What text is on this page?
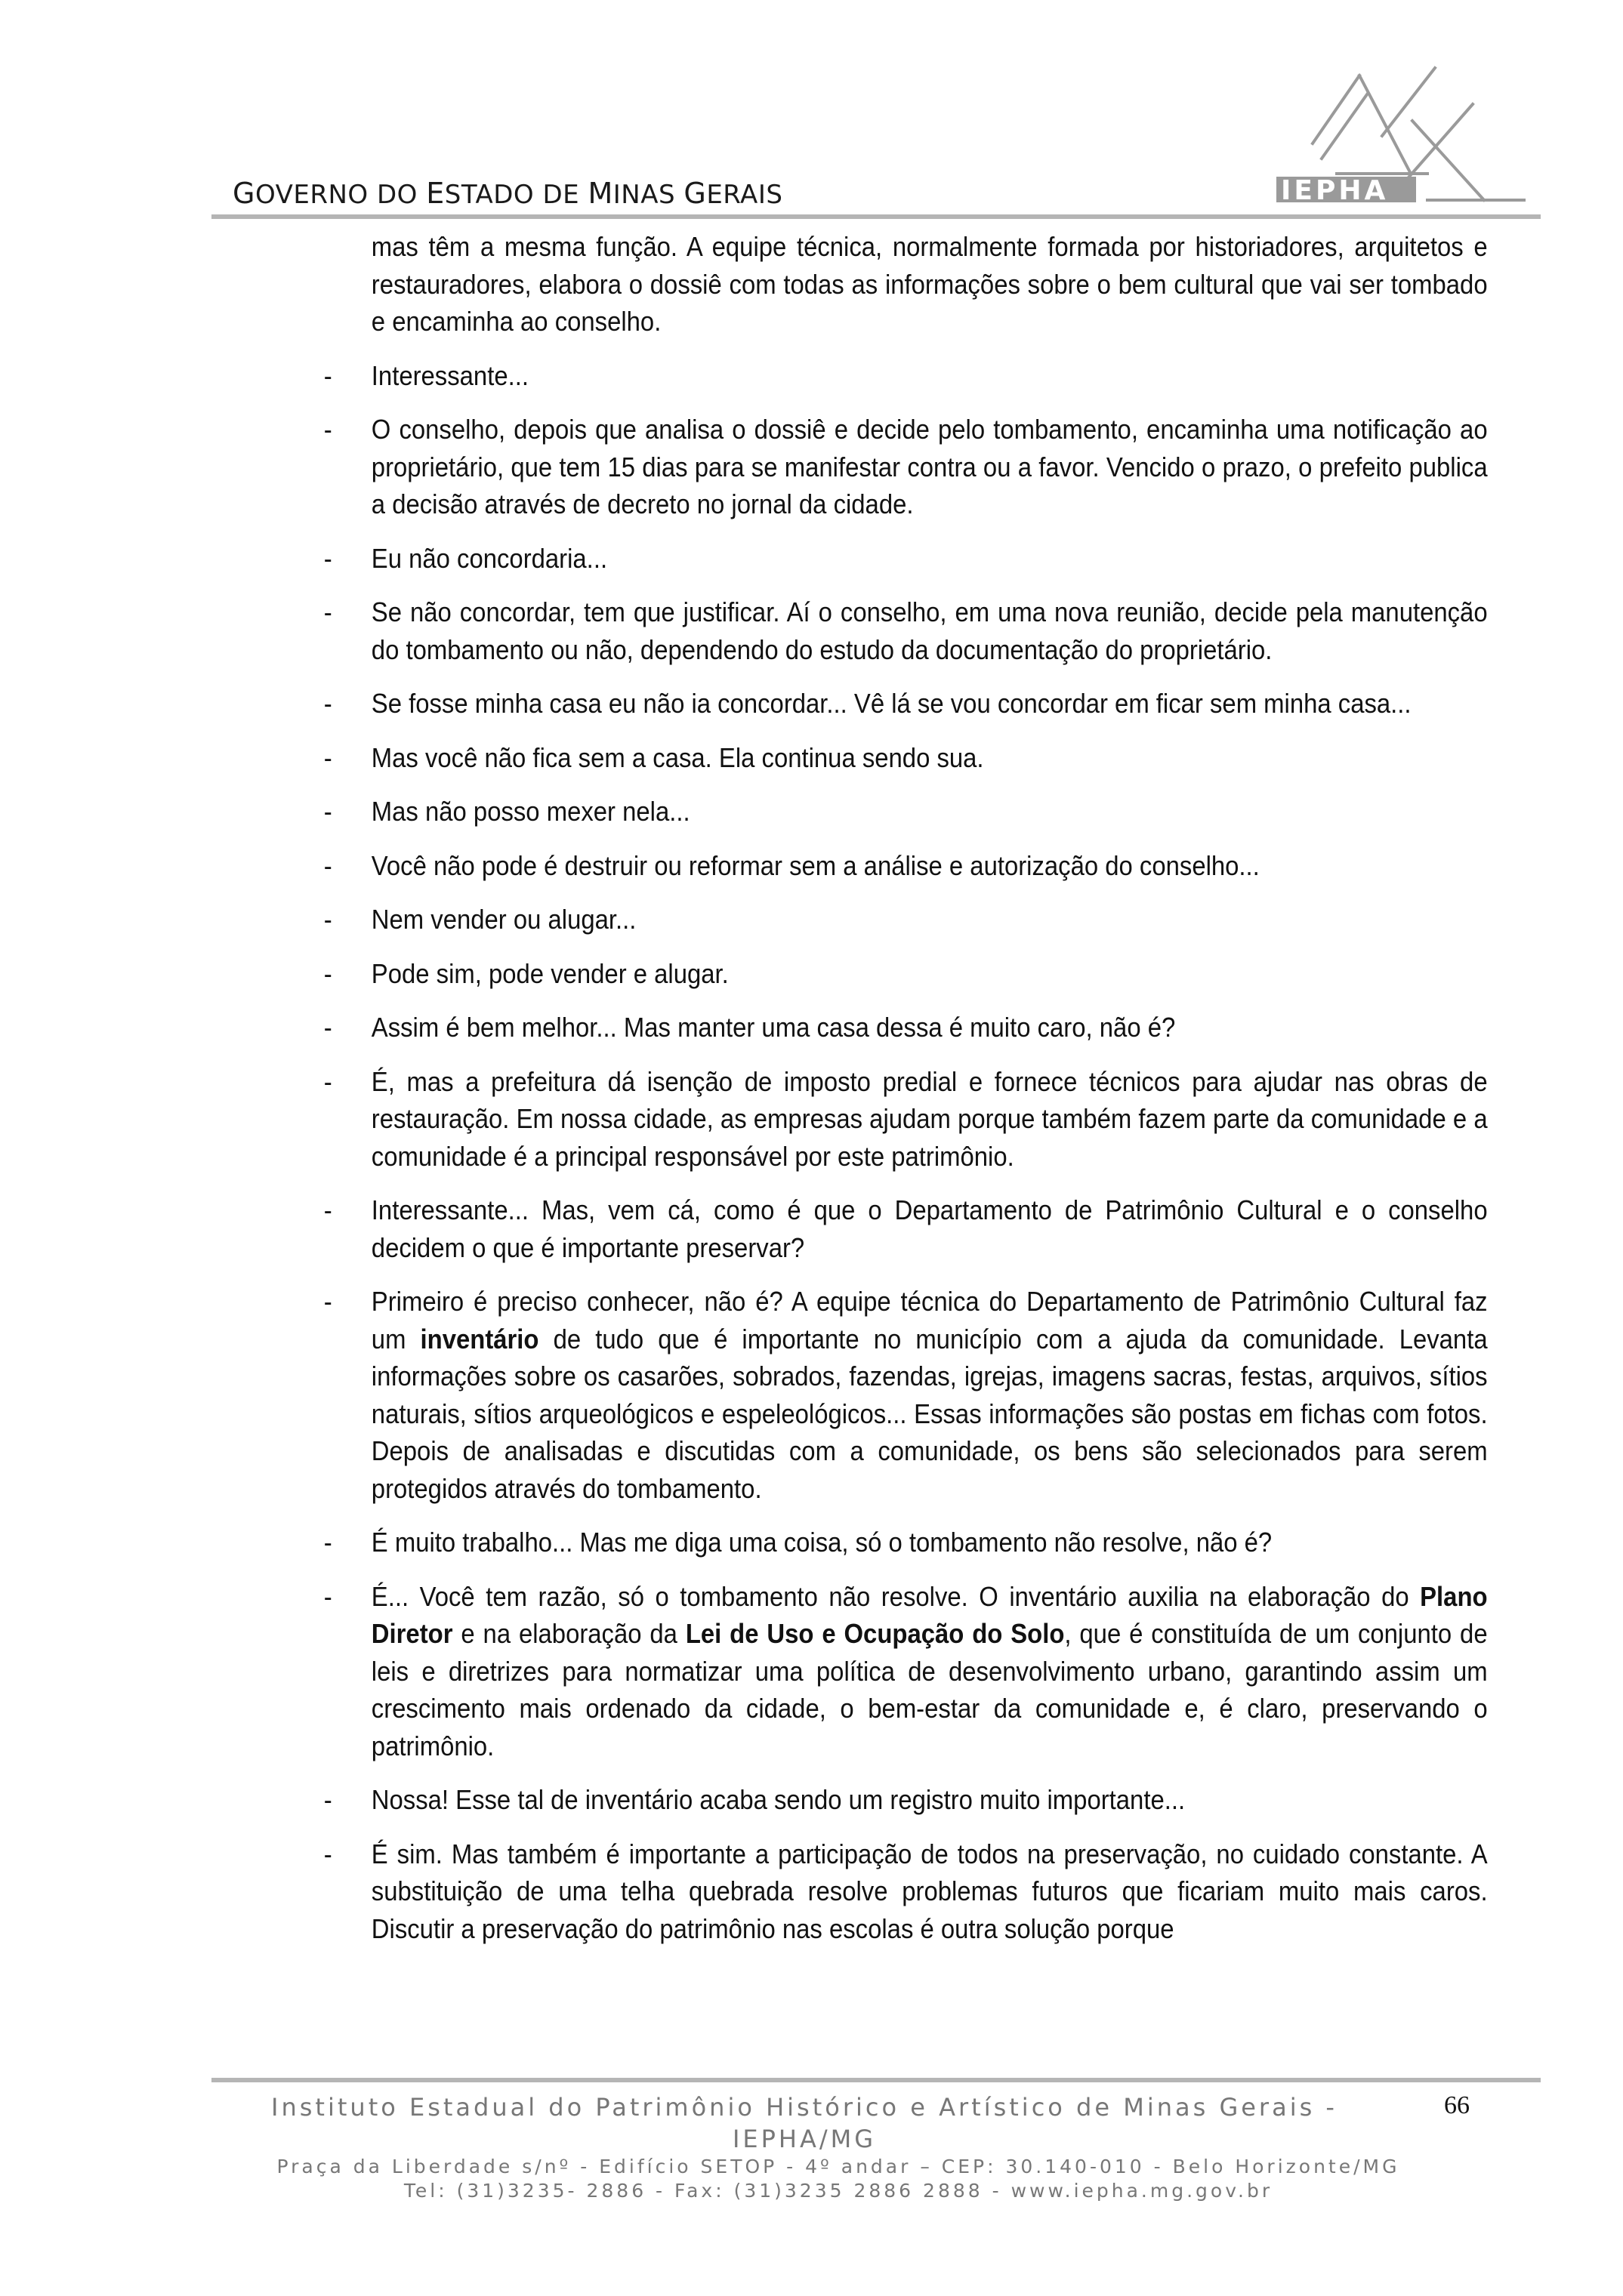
GOVERNO DO ESTADO DE MINAS GERAIS	IEPHA

mas têm a mesma função. A equipe técnica, normalmente formada por historiadores, arquitetos e restauradores, elabora o dossiê com todas as informações sobre o bem cultural que vai ser tombado e encaminha ao conselho.

- Interessante...

- O conselho, depois que analisa o dossiê e decide pelo tombamento, encaminha uma notificação ao proprietário, que tem 15 dias para se manifestar contra ou a favor. Vencido o prazo, o prefeito publica a decisão através de decreto no jornal da cidade.

- Eu não concordaria...

- Se não concordar, tem que justificar. Aí o conselho, em uma nova reunião, decide pela manutenção do tombamento ou não, dependendo do estudo da documentação do proprietário.

- Se fosse minha casa eu não ia concordar... Vê lá se vou concordar em ficar sem minha casa...

- Mas você não fica sem a casa. Ela continua sendo sua.

- Mas não posso mexer nela...

- Você não pode é destruir ou reformar sem a análise e autorização do conselho...

- Nem vender ou alugar...

- Pode sim, pode vender e alugar.

- Assim é bem melhor... Mas manter uma casa dessa é muito caro, não é?

- É, mas a prefeitura dá isenção de imposto predial e fornece técnicos para ajudar nas obras de restauração. Em nossa cidade, as empresas ajudam porque também fazem parte da comunidade e a comunidade é a principal responsável por este patrimônio.

- Interessante... Mas, vem cá, como é que o Departamento de Patrimônio Cultural e o conselho decidem o que é importante preservar?

- Primeiro é preciso conhecer, não é? A equipe técnica do Departamento de Patrimônio Cultural faz um inventário de tudo que é importante no município com a ajuda da comunidade. Levanta informações sobre os casarões, sobrados, fazendas, igrejas, imagens sacras, festas, arquivos, sítios naturais, sítios arqueológicos e espeleológicos... Essas informações são postas em fichas com fotos. Depois de analisadas e discutidas com a comunidade, os bens são selecionados para serem protegidos através do tombamento.

- É muito trabalho... Mas me diga uma coisa, só o tombamento não resolve, não é?

- É... Você tem razão, só o tombamento não resolve. O inventário auxilia na elaboração do Plano Diretor e na elaboração da Lei de Uso e Ocupação do Solo, que é constituída de um conjunto de leis e diretrizes para normatizar uma política de desenvolvimento urbano, garantindo assim um crescimento mais ordenado da cidade, o bem-estar da comunidade e, é claro, preservando o patrimônio.

- Nossa! Esse tal de inventário acaba sendo um registro muito importante...

- É sim. Mas também é importante a participação de todos na preservação, no cuidado constante. A substituição de uma telha quebrada resolve problemas futuros que ficariam muito mais caros. Discutir a preservação do patrimônio nas escolas é outra solução porque

Instituto Estadual do Patrimônio Histórico e Artístico de Minas Gerais - IEPHA/MG
Praça da Liberdade s/nº - Edifício SETOP - 4º andar – CEP: 30.140-010 - Belo Horizonte/MG
Tel: (31)3235- 2886 - Fax: (31)3235 2886 2888 - www.iepha.mg.gov.br
66
